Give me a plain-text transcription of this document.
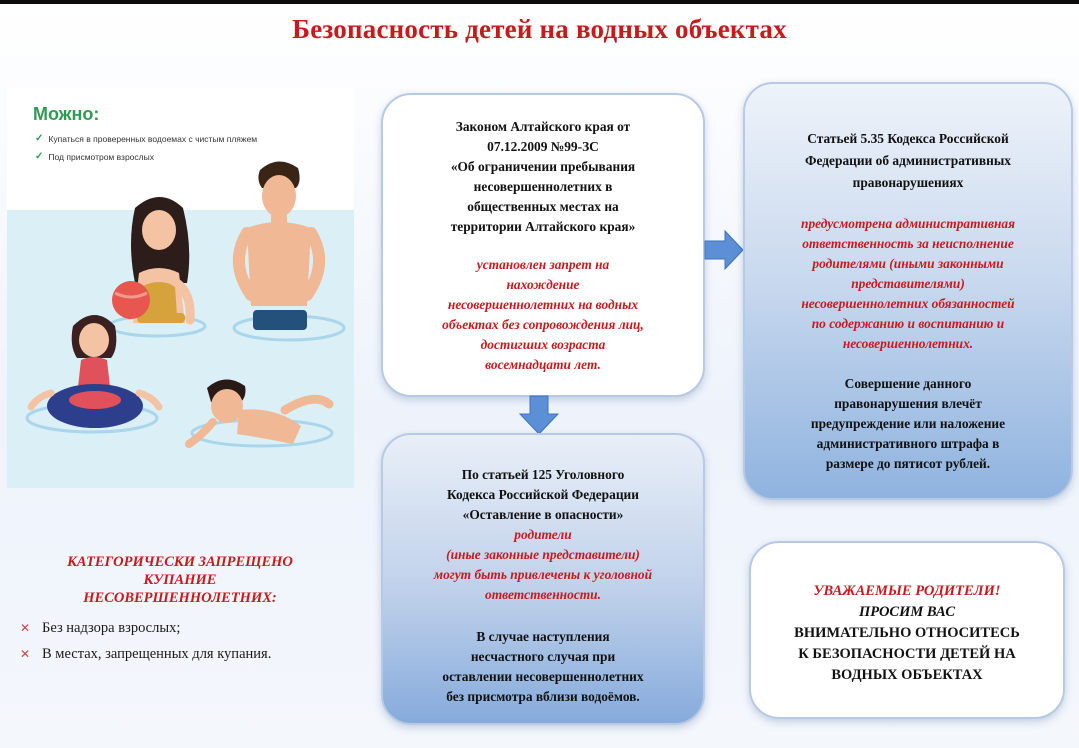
Безопасность детей на водных объектах
Можно:
✓ Купаться в проверенных водоемах с чистым пляжем
✓ Под присмотром взрослых

Законом Алтайского края от

07.12.2009 №99-ЗС

«Об ограничении пребывания

несовершеннолетних в

общественных местах на

территории Алтайского края»

установлен запрет на

нахождение

несовершеннолетних на водных

объектах без сопровождения лиц,

достигших возраста

восемнадцати лет.

Статьей 5.35 Кодекса Российской

Федерации об административных

правонарушениях

предусмотрена административная

ответственность за неисполнение

родителями (иными законными

представителями)

несовершеннолетних обязанностей

по содержанию и воспитанию и

несовершеннолетних.

Совершение данного

правонарушения влечёт

предупреждение или наложение

административного штрафа в

размере до пятисот рублей.

По статьей 125 Уголовного

Кодекса Российской Федерации

«Оставление в опасности»

родители

(иные законные представители)

могут быть привлечены к уголовной

ответственности.

В случае наступления

несчастного случая при

оставлении несовершеннолетних

без присмотра вблизи водоёмов.

УВАЖАЕМЫЕ РОДИТЕЛИ!

ПРОСИМ ВАС

ВНИМАТЕЛЬНО ОТНОСИТЕСЬ

К БЕЗОПАСНОСТИ ДЕТЕЙ НА

ВОДНЫХ ОБЪЕКТАХ

КАТЕГОРИЧЕСКИ ЗАПРЕЩЕНО
КУПАНИЕ
НЕСОВЕРШЕННОЛЕТНИХ:
✕ Без надзора взрослых;
✕ В местах, запрещенных для купания.
